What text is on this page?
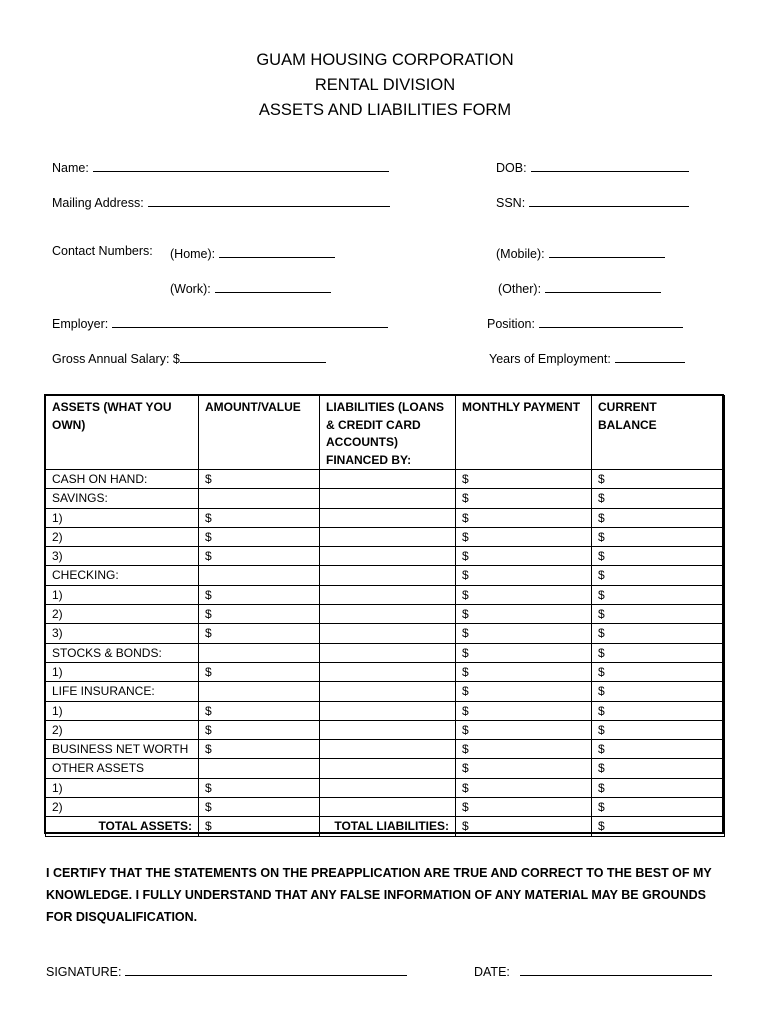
GUAM HOUSING CORPORATION
RENTAL DIVISION
ASSETS AND LIABILITIES FORM
Name:	DOB:
Mailing Address:	SSN:
Contact Numbers: (Home):	(Mobile):
(Work):	(Other):
Employer:	Position:
Gross Annual Salary: $	Years of Employment:
ASSETS (WHAT YOU OWN)	AMOUNT/VALUE	LIABILITIES (LOANS & CREDIT CARD ACCOUNTS) FINANCED BY:	MONTHLY PAYMENT	CURRENT BALANCE
CASH ON HAND:	$		$	$
SAVINGS:			$	$
1)	$		$	$
2)	$		$	$
3)	$		$	$
CHECKING:			$	$
1)	$		$	$
2)	$		$	$
3)	$		$	$
STOCKS & BONDS:			$	$
1)	$		$	$
LIFE INSURANCE:			$	$
1)	$		$	$
2)	$		$	$
BUSINESS NET WORTH	$		$	$
OTHER ASSETS			$	$
1)	$		$	$
2)	$		$	$
TOTAL ASSETS:	$	TOTAL LIABILITIES:	$	$
I CERTIFY THAT THE STATEMENTS ON THE PREAPPLICATION ARE TRUE AND CORRECT TO THE BEST OF MY KNOWLEDGE. I FULLY UNDERSTAND THAT ANY FALSE INFORMATION OF ANY MATERIAL MAY BE GROUNDS FOR DISQUALIFICATION.
SIGNATURE:	DATE:
